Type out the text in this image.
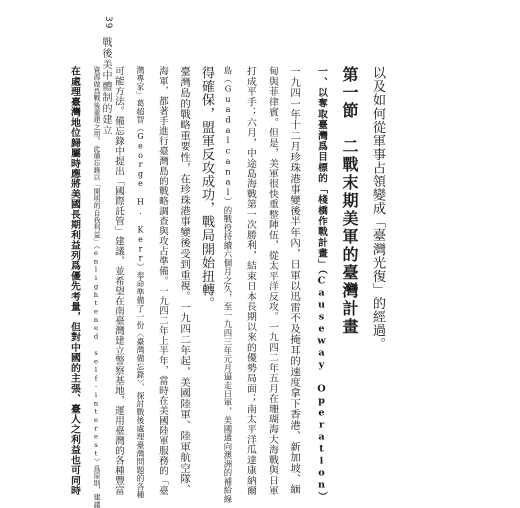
39
戰後美中體制的建立	以及如何從軍事占領變成「臺灣光復」的經過。
第一節　二戰末期美軍的臺灣計畫
一、以奪取臺灣爲目標的「棧橋作戰計畫」（Causeway Operation）
一九四一年十二月珍珠港事變後半年內，日軍以迅雷不及掩耳的速度拿下香港、新加坡、緬
甸與菲律賓。但是，美軍很快重整陣伍，從太平洋反攻。一九四二年五月在珊瑚海大海戰與日軍
打成平手；六月，中途島海戰第一次勝利，結束日本長期以來的優勢局面；南太平洋瓜達康納爾
島（Guadalcanal）的戰役持續六個月之久，至一九四三年元月逼走日軍，美國通向澳洲的補給線
得確保，盟軍反攻成功，戰局開始扭轉。
臺灣島的戰略重要性，在珍珠港事變後受到重視。一九四二年起，美國陸軍、陸軍航空隊、
海軍，都著手進行臺灣島的戰略調查與攻占準備。一九四二年上半年，當時在美國陸軍服務的「臺
灣專家」葛超智（George H. Kerr）奉命準備了一份〈臺灣備忘錄〉，探討戰後處理臺灣問題的各種
可能方法。備忘錄中提出「國際託管」建議，並希望在南臺灣建立警察基地，運用臺灣的各種豐富
資源做爲戰後重建之用。此備忘錄以「開明的自我利益」（enlightened self-interest）爲原則，建議
在處理臺灣地位歸屬時應將美國長期利益列爲優先考量，但對中國的主張、臺人之利益也可同時
